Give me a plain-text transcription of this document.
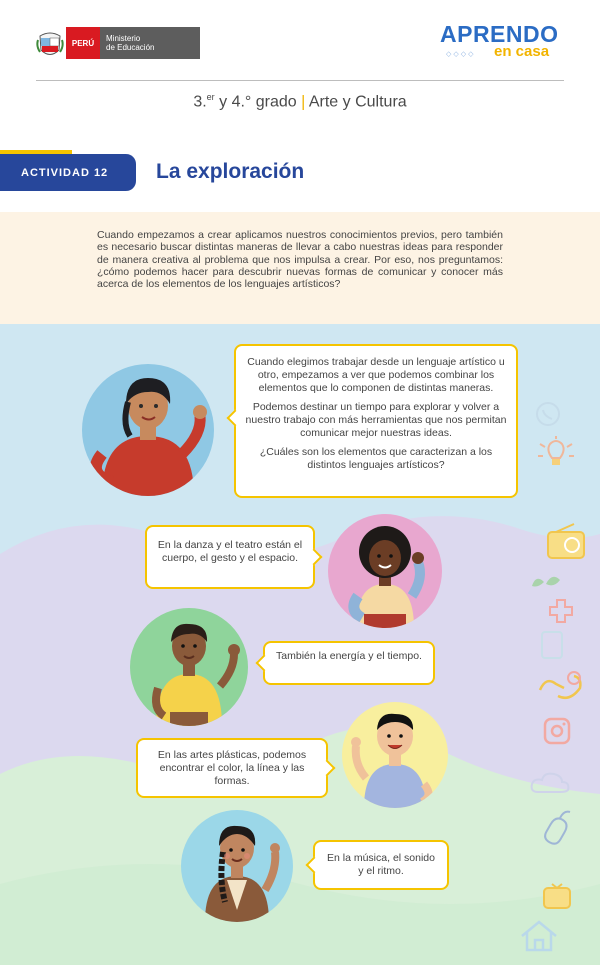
PERÚ	Ministerio
de Educación
APRENDO
◇◇◇◇ en casa
3.$^{er}$ y 4.° grado | Arte y Cultura
ACTIVIDAD 12	La exploración

Cuando empezamos a crear aplicamos nuestros conocimientos previos, pero también es necesario buscar distintas maneras de llevar a cabo nuestras ideas para responder de manera creativa al problema que nos impulsa a crear. Por eso, nos preguntamos: ¿cómo podemos hacer para descubrir nuevas formas de comunicar y conocer más acerca de los elementos de los lenguajes artísticos?

Cuando elegimos trabajar desde un lenguaje artístico u otro, empezamos a ver que podemos combinar los elementos que lo componen de distintas maneras.

Podemos destinar un tiempo para explorar y volver a nuestro trabajo con más herramientas que nos permitan comunicar mejor nuestras ideas.

¿Cuáles son los elementos que caracterizan a los distintos lenguajes artísticos?

En la danza y el teatro están el cuerpo, el gesto y el espacio.

También la energía y el tiempo.

En las artes plásticas, podemos encontrar el color, la línea y las formas.

En la música, el sonido y el ritmo.
